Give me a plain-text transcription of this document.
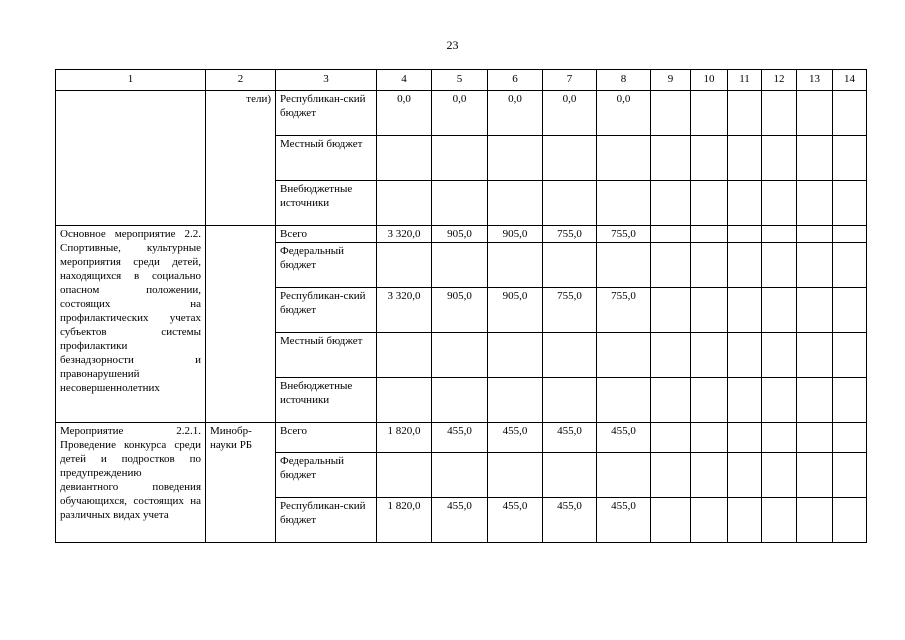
23
1	2	3	4	5	6	7	8	9	10	11	12	13	14
	тели)	Республикан-ский бюджет	0,0	0,0	0,0	0,0	0,0						
		Местный бюджет											
		Внебюджетные источники											
Основное мероприятие 2.2. Спортивные, культурные мероприятия среди детей, находящихся в социально опасном положении, состоящих на профилактических учетах субъектов системы профилактики безнадзорности и правонарушений несовершеннолетних		Всего	3 320,0	905,0	905,0	755,0	755,0						
		Федеральный бюджет											
		Республикан-ский бюджет	3 320,0	905,0	905,0	755,0	755,0						
		Местный бюджет											
		Внебюджетные источники											
Мероприятие 2.2.1. Проведение конкурса среди детей и подростков по предупреждению девиантного поведения обучающихся, состоящих на различных видах учета	Минобр-науки РБ	Всего	1 820,0	455,0	455,0	455,0	455,0						
		Федеральный бюджет											
		Республикан-ский бюджет	1 820,0	455,0	455,0	455,0	455,0						
